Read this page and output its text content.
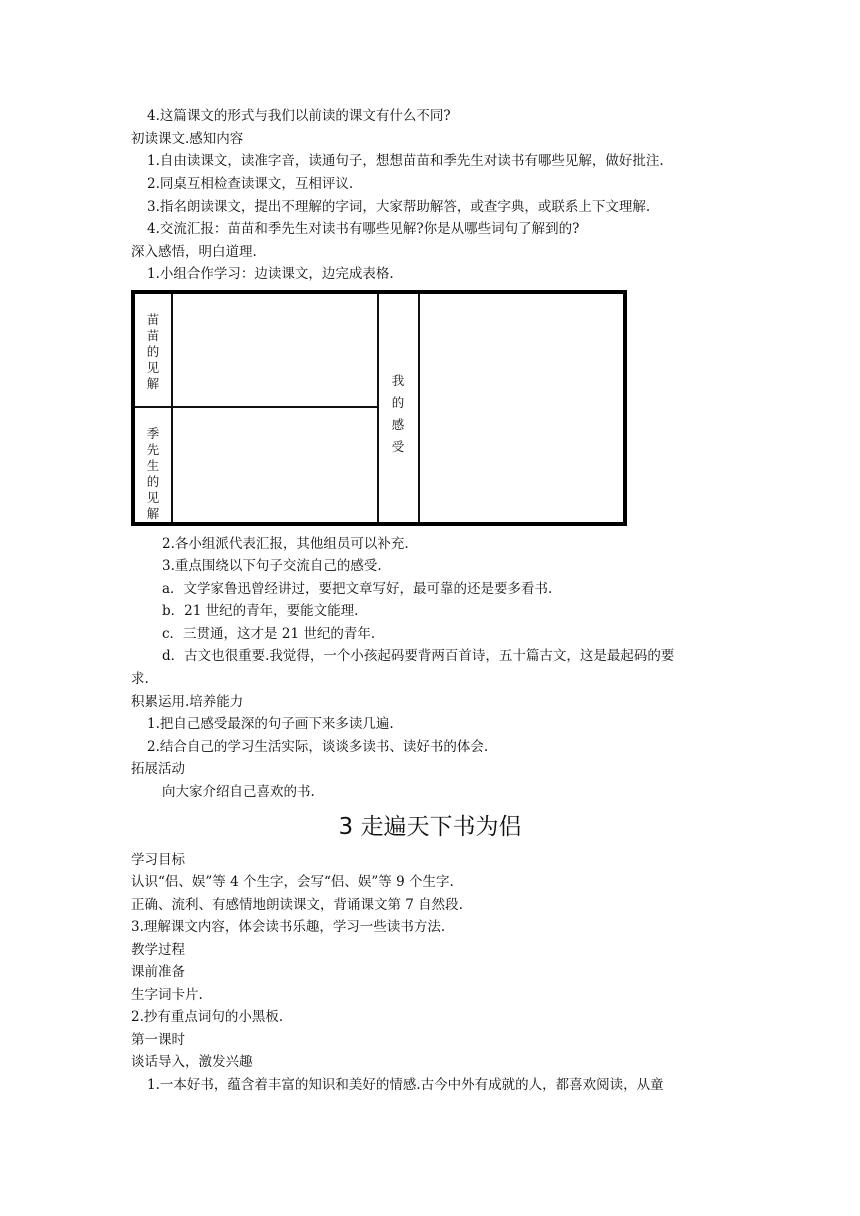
4.这篇课文的形式与我们以前读的课文有什么不同?
初读课文.感知内容
1.自由读课文，读准字音，读通句子，想想苗苗和季先生对读书有哪些见解，做好批注.
2.同桌互相检查读课文，互相评议.
3.指名朗读课文，提出不理解的字词，大家帮助解答，或查字典，或联系上下文理解.
4.交流汇报：苗苗和季先生对读书有哪些见解?你是从哪些词句了解到的?
深入感悟，明白道理.
1.小组合作学习：边读课文，边完成表格.
苗苗的见解
季先生的见解
我的感受
2.各小组派代表汇报，其他组员可以补充.
3.重点围绕以下句子交流自己的感受.
a．文学家鲁迅曾经讲过，要把文章写好，最可靠的还是要多看书.
b．21 世纪的青年，要能文能理.
c．三贯通，这才是 21 世纪的青年.
d．古文也很重要.我觉得，一个小孩起码要背两百首诗，五十篇古文，这是最起码的要
求.
积累运用.培养能力
1.把自己感受最深的句子画下来多读几遍.
2.结合自己的学习生活实际，谈谈多读书、读好书的体会.
拓展活动
向大家介绍自己喜欢的书.
3 走遍天下书为侣
学习目标
认识“侣、娱”等 4 个生字，会写“侣、娱”等 9 个生字.
正确、流利、有感情地朗读课文，背诵课文第 7 自然段.
3.理解课文内容，体会读书乐趣，学习一些读书方法.
教学过程
课前准备
生字词卡片.
2.抄有重点词句的小黑板.
第一课时
谈话导入，激发兴趣
1.一本好书，蕴含着丰富的知识和美好的情感.古今中外有成就的人，都喜欢阅读，从童
